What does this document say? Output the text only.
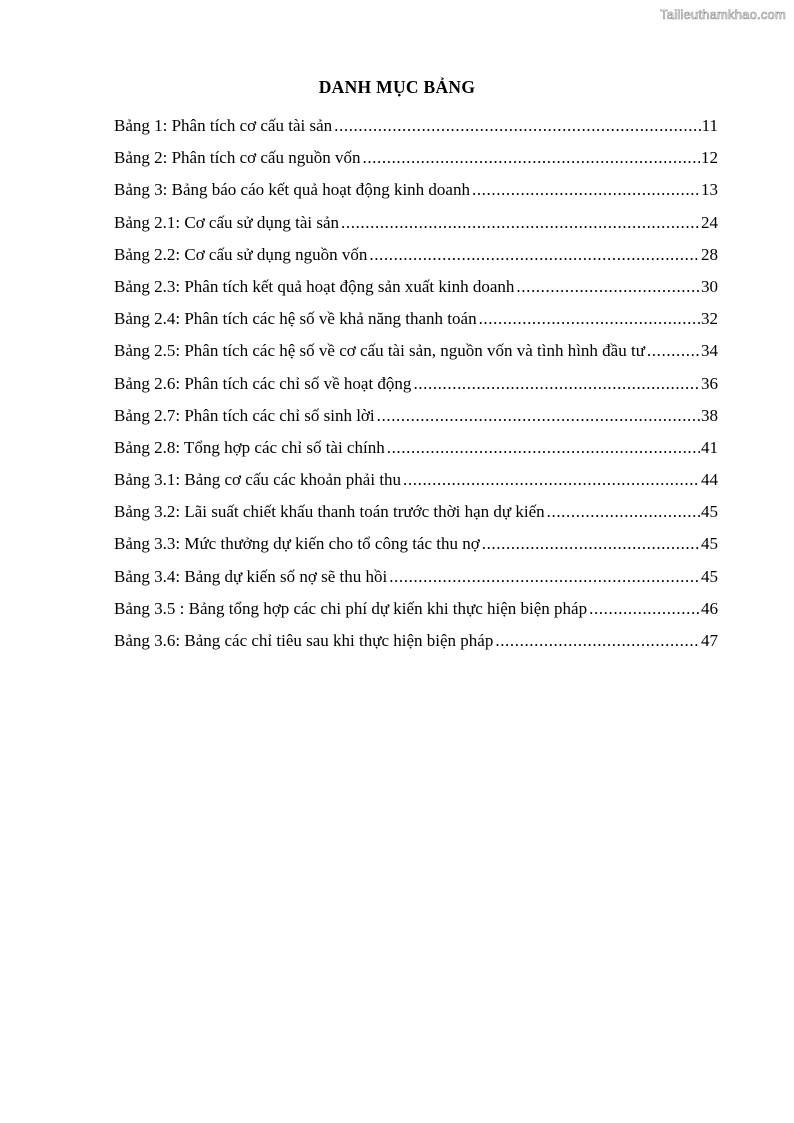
Tailieuthamkhao.com
DANH MỤC BẢNG
Bảng 1: Phân tích cơ cấu tài sản .....	11
Bảng 2: Phân tích cơ cấu nguồn vốn .....	12
Bảng 3: Bảng báo cáo kết quả hoạt động kinh doanh .....	13
Bảng 2.1: Cơ cấu sử dụng tài sản .....	24
Bảng 2.2: Cơ cấu sử dụng nguồn vốn .....	28
Bảng 2.3: Phân tích kết quả hoạt động sản xuất kinh doanh .....	30
Bảng 2.4: Phân tích các hệ số về khả năng thanh toán .....	32
Bảng 2.5: Phân tích các hệ số về cơ cấu tài sản, nguồn vốn và tình hình đầu tư .....	34
Bảng 2.6: Phân tích các chỉ số về hoạt động .....	36
Bảng 2.7: Phân tích các chỉ số sinh lời .....	38
Bảng 2.8: Tổng hợp các chỉ số tài chính .....	41
Bảng 3.1: Bảng cơ cấu các khoản phải thu .....	44
Bảng 3.2: Lãi suất chiết khấu thanh toán trước thời hạn dự kiến .....	45
Bảng 3.3: Mức thưởng dự kiến cho tổ công tác thu nợ .....	45
Bảng 3.4: Bảng dự kiến số nợ sẽ thu hồi .....	45
Bảng 3.5 : Bảng tổng hợp các chi phí dự kiến khi thực hiện biện pháp .....	46
Bảng 3.6: Bảng các chỉ tiêu sau khi thực hiện biện pháp .....	47
